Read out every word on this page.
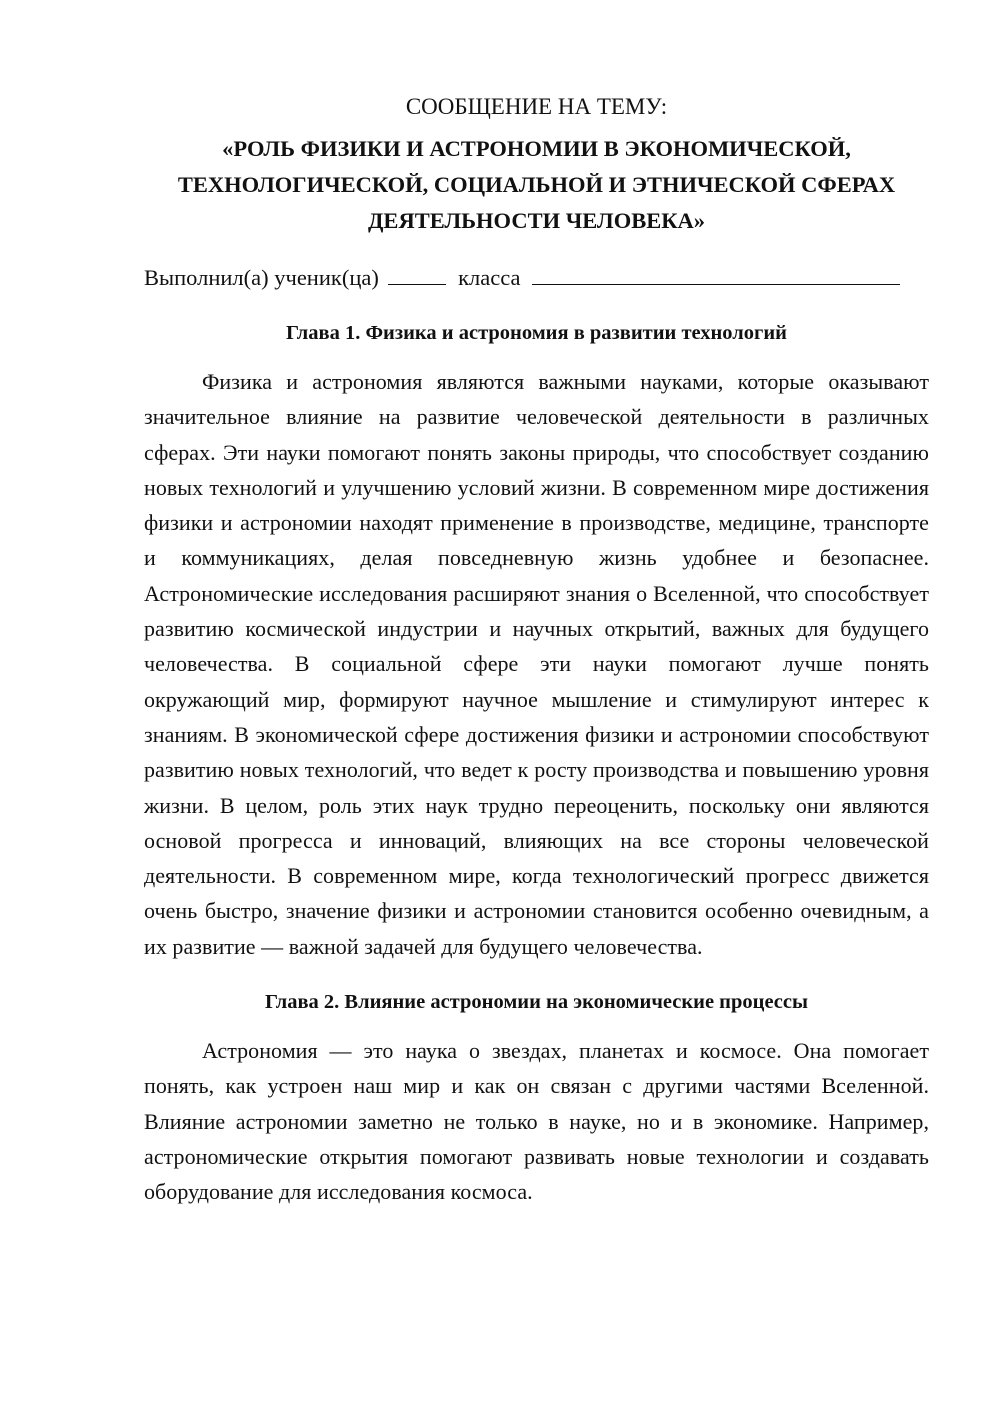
СООБЩЕНИЕ НА ТЕМУ:

«РОЛЬ ФИЗИКИ И АСТРОНОМИИ В ЭКОНОМИЧЕСКОЙ,
ТЕХНОЛОГИЧЕСКОЙ, СОЦИАЛЬНОЙ И ЭТНИЧЕСКОЙ СФЕРАХ
ДЕЯТЕЛЬНОСТИ ЧЕЛОВЕКА»

Выполнил(а) ученик(ца)	класса

Глава 1. Физика и астрономия в развитии технологий

Физика и астрономия являются важными науками, которые оказывают значительное влияние на развитие человеческой деятельности в различных сферах. Эти науки помогают понять законы природы, что способствует созданию новых технологий и улучшению условий жизни. В современном мире достижения физики и астрономии находят применение в производстве, медицине, транспорте и коммуникациях, делая повседневную жизнь удобнее и безопаснее. Астрономические исследования расширяют знания о Вселенной, что способствует развитию космической индустрии и научных открытий, важных для будущего человечества. В социальной сфере эти науки помогают лучше понять окружающий мир, формируют научное мышление и стимулируют интерес к знаниям. В экономической сфере достижения физики и астрономии способствуют развитию новых технологий, что ведет к росту производства и повышению уровня жизни. В целом, роль этих наук трудно переоценить, поскольку они являются основой прогресса и инноваций, влияющих на все стороны человеческой деятельности. В современном мире, когда технологический прогресс движется очень быстро, значение физики и астрономии становится особенно очевидным, а их развитие — важной задачей для будущего человечества.

Глава 2. Влияние астрономии на экономические процессы

Астрономия — это наука о звездах, планетах и космосе. Она помогает понять, как устроен наш мир и как он связан с другими частями Вселенной. Влияние астрономии заметно не только в науке, но и в экономике. Например, астрономические открытия помогают развивать новые технологии и создавать оборудование для исследования космоса.
